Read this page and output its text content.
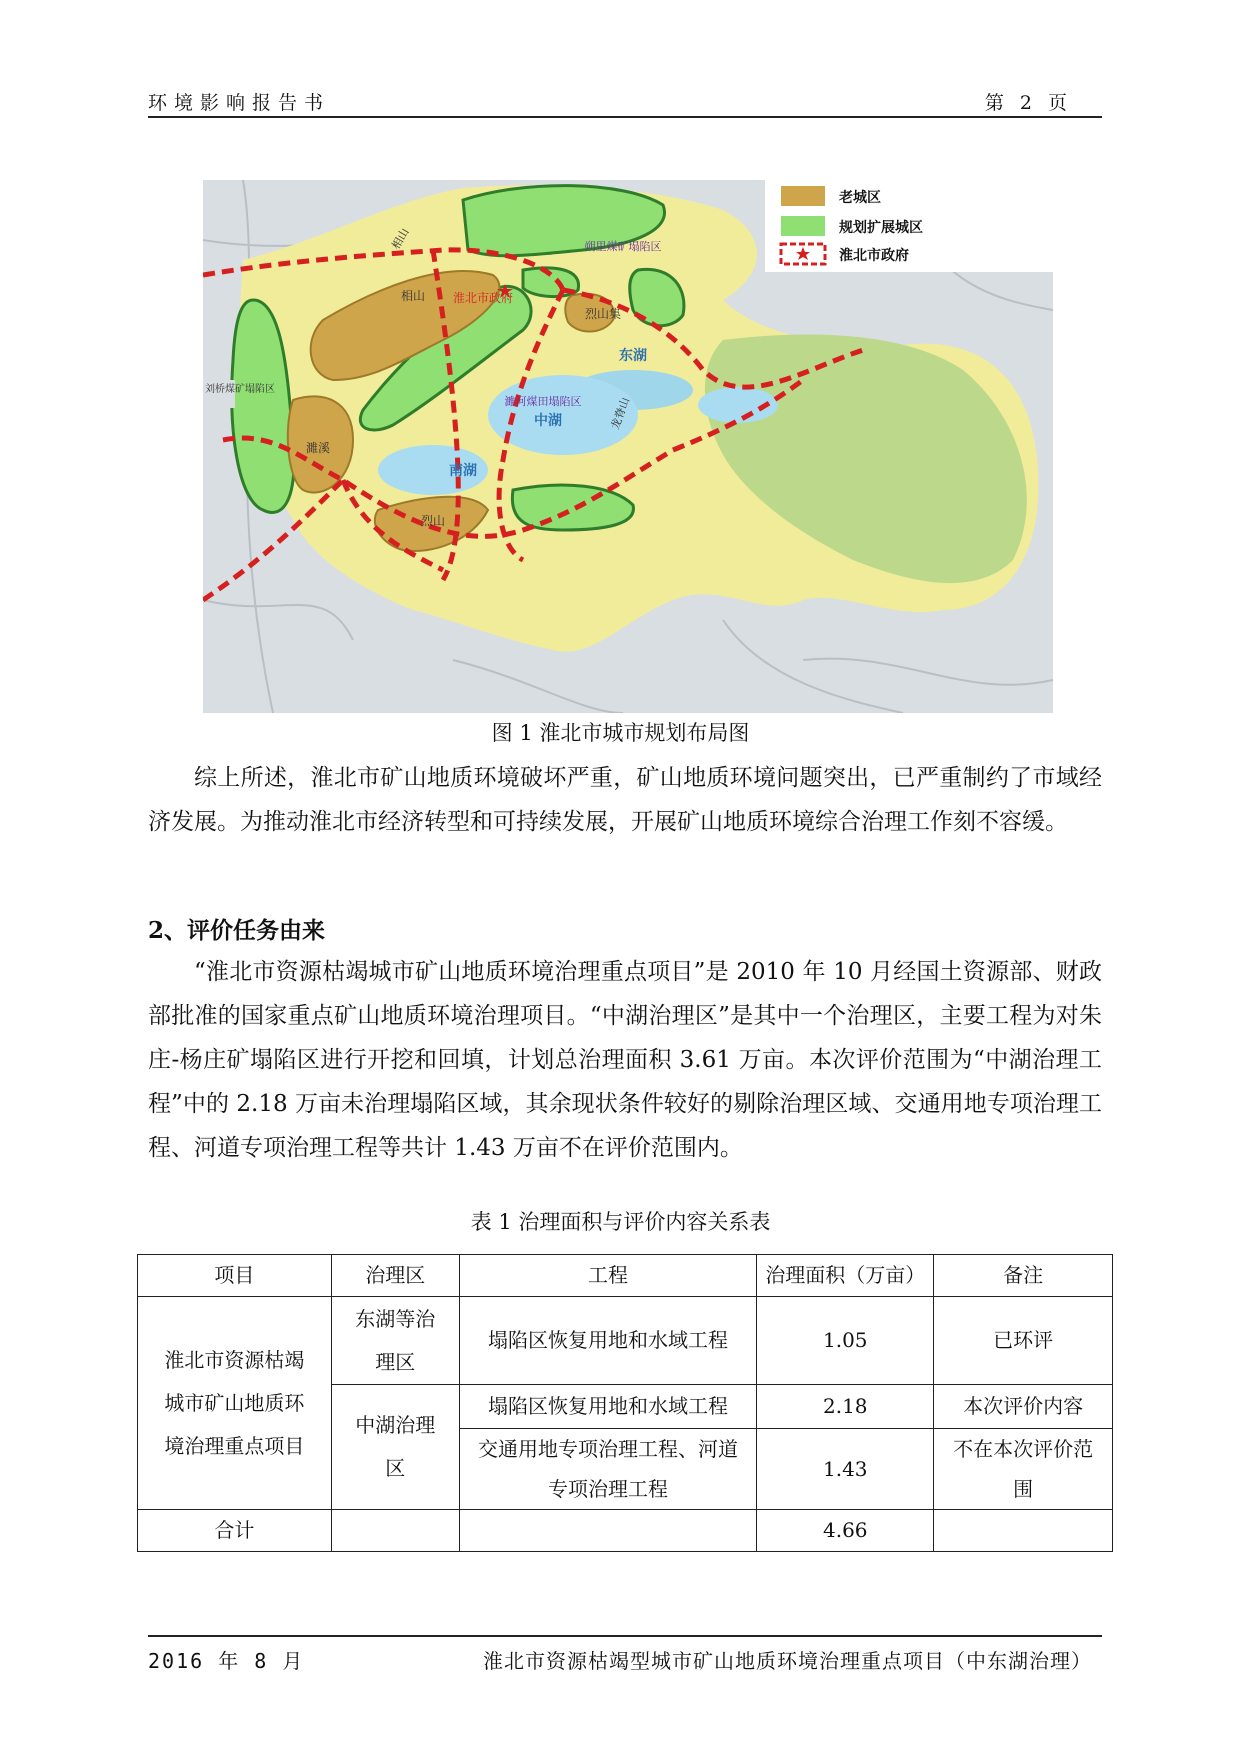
环境影响报告书	第 2 页
淮北市政府
相山
相山
烈山集
东湖
中湖
南湖
濉溪
烈山
朔里煤矿塌陷区
濉河煤田塌陷区 龙脊山
刘桥煤矿塌陷区
老城区
规划扩展城区
淮北市政府
图 1 淮北市城市规划布局图

综上所述，淮北市矿山地质环境破坏严重，矿山地质环境问题突出，已严重制约了市域经济发展。为推动淮北市经济转型和可持续发展，开展矿山地质环境综合治理工作刻不容缓。

2、评价任务由来

“淮北市资源枯竭城市矿山地质环境治理重点项目”是 2010 年 10 月经国土资源部、财政部批准的国家重点矿山地质环境治理项目。“中湖治理区”是其中一个治理区，主要工程为对朱庄-杨庄矿塌陷区进行开挖和回填，计划总治理面积 3.61 万亩。本次评价范围为“中湖治理工程”中的 2.18 万亩未治理塌陷区域，其余现状条件较好的剔除治理区域、交通用地专项治理工程、河道专项治理工程等共计 1.43 万亩不在评价范围内。

表 1 治理面积与评价内容关系表
项目	治理区	工程	治理面积（万亩）	备注
淮北市资源枯竭城市矿山地质环境治理重点项目	东湖等治理区	塌陷区恢复用地和水域工程	1.05	已环评
	中湖治理区	塌陷区恢复用地和水域工程	2.18	本次评价内容
		交通用地专项治理工程、河道专项治理工程	1.43	不在本次评价范围
合计			4.66	
2016 年 8 月	淮北市资源枯竭型城市矿山地质环境治理重点项目（中东湖治理）
